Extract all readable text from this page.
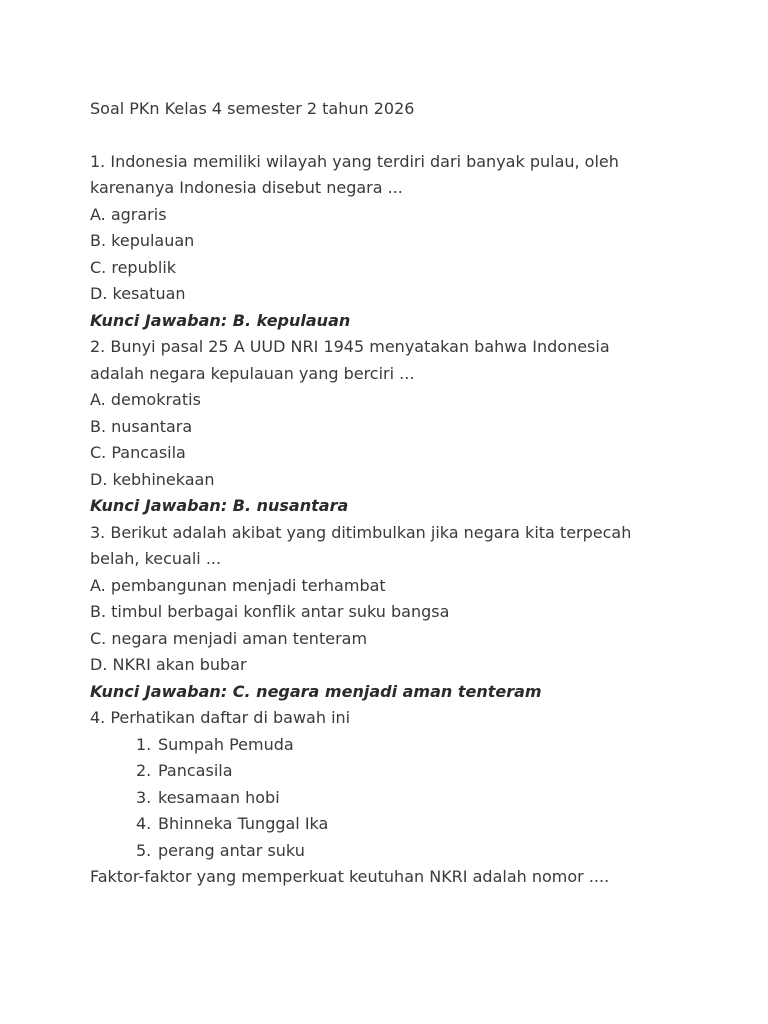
Soal PKn Kelas 4 semester 2 tahun 2026

1. Indonesia memiliki wilayah yang terdiri dari banyak pulau, oleh

karenanya Indonesia disebut negara ...

A. agraris

B. kepulauan

C. republik

D. kesatuan

Kunci Jawaban: B. kepulauan

2. Bunyi pasal 25 A UUD NRI 1945 menyatakan bahwa Indonesia

adalah negara kepulauan yang berciri ...

A. demokratis

B. nusantara

C. Pancasila

D. kebhinekaan

Kunci Jawaban: B. nusantara

3. Berikut adalah akibat yang ditimbulkan jika negara kita terpecah

belah, kecuali ...

A. pembangunan menjadi terhambat

B. timbul berbagai konflik antar suku bangsa

C. negara menjadi aman tenteram

D. NKRI akan bubar

Kunci Jawaban: C. negara menjadi aman tenteram

4. Perhatikan daftar di bawah ini

1. Sumpah Pemuda
2. Pancasila
3. kesamaan hobi
4. Bhinneka Tunggal Ika
5. perang antar suku

Faktor-faktor yang memperkuat keutuhan NKRI adalah nomor ....
